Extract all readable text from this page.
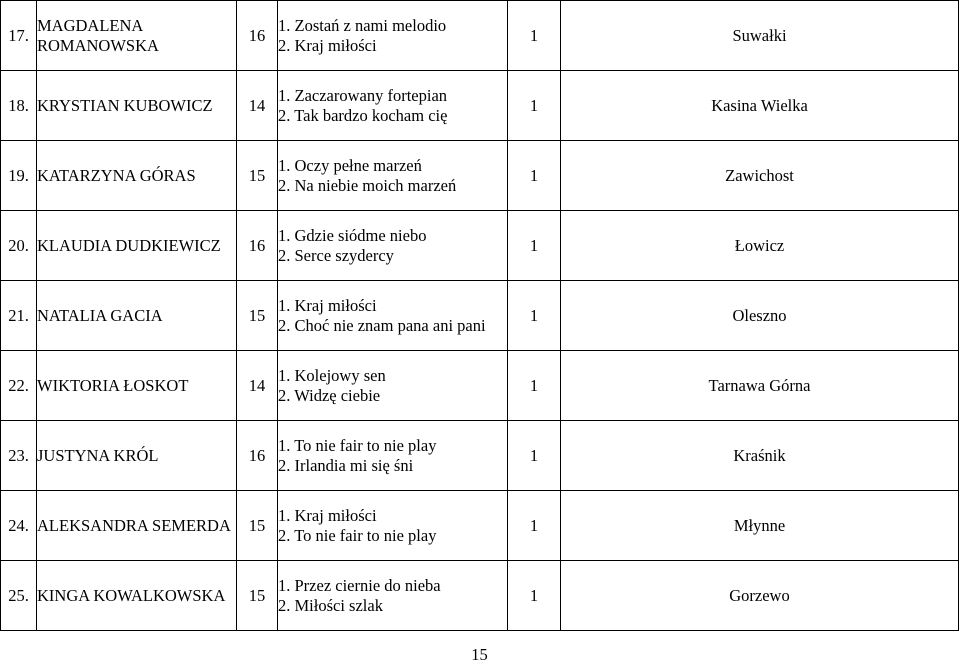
17.	MAGDALENA ROMANOWSKA	16	1. Zostań z nami melodio
2. Kraj miłości	1	Suwałki
18.	KRYSTIAN KUBOWICZ	14	1. Zaczarowany fortepian
2. Tak bardzo kocham cię	1	Kasina Wielka
19.	KATARZYNA GÓRAS	15	1. Oczy pełne marzeń
2. Na niebie moich marzeń	1	Zawichost
20.	KLAUDIA DUDKIEWICZ	16	1. Gdzie siódme niebo
2. Serce szydercy	1	Łowicz
21.	NATALIA GACIA	15	1. Kraj miłości
2. Choć nie znam pana ani pani	1	Oleszno
22.	WIKTORIA ŁOSKOT	14	1. Kolejowy sen
2. Widzę ciebie	1	Tarnawa Górna
23.	JUSTYNA KRÓL	16	1. To nie fair to nie play
2. Irlandia mi się śni	1	Kraśnik
24.	ALEKSANDRA SEMERDA	15	1. Kraj miłości
2. To nie fair to nie play	1	Młynne
25.	KINGA KOWALKOWSKA	15	1. Przez ciernie do nieba
2. Miłości szlak	1	Gorzewo
15
